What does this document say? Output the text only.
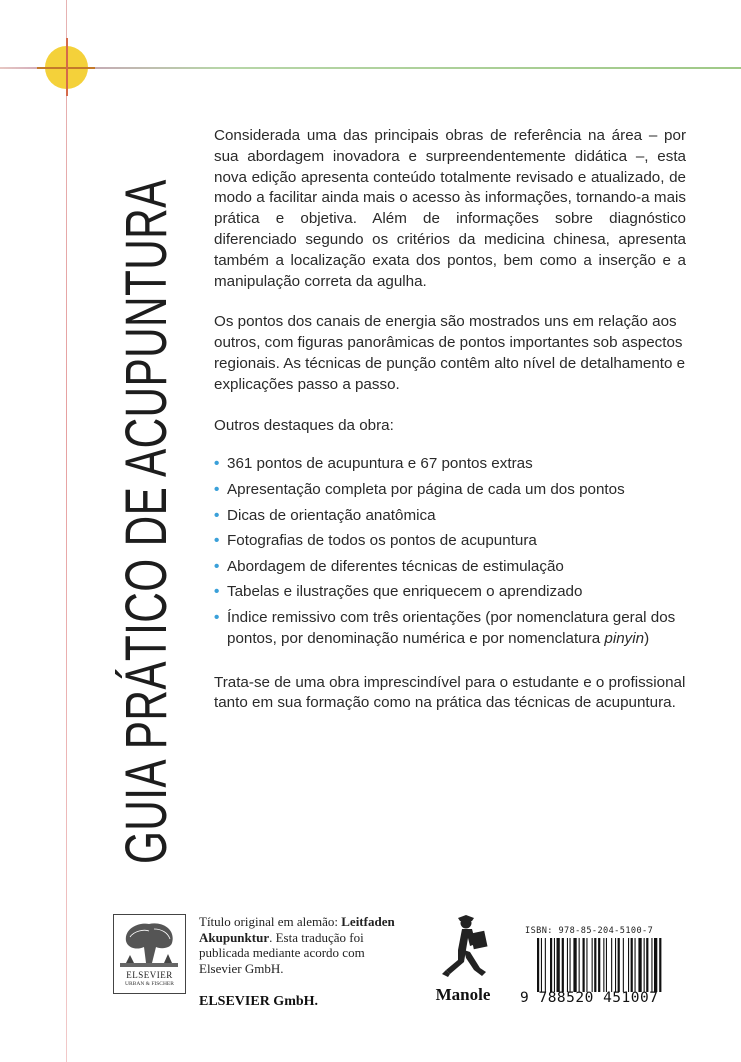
GUIA PRÁTICO DE ACUPUNTURA

Considerada uma das principais obras de referência na área – por sua abordagem inovadora e surpreendentemente didática –, esta nova edição apresenta conteúdo totalmente revisado e atualizado, de modo a facilitar ainda mais o acesso às informações, tornando-a mais prática e objetiva. Além de informações sobre diagnóstico diferenciado segundo os critérios da medicina chinesa, apresenta também a localização exata dos pontos, bem como a inserção e a manipulação correta da agulha.

Os pontos dos canais de energia são mostrados uns em relação aos outros, com figuras panorâmicas de pontos importantes sob aspectos regionais. As técnicas de punção contêm alto nível de detalhamento e explicações passo a passo.

Outros destaques da obra:

• 361 pontos de acupuntura e 67 pontos extras
• Apresentação completa por página de cada um dos pontos
• Dicas de orientação anatômica
• Fotografias de todos os pontos de acupuntura
• Abordagem de diferentes técnicas de estimulação
• Tabelas e ilustrações que enriquecem o aprendizado
• Índice remissivo com três orientações (por nomenclatura geral dos pontos, por denominação numérica e por nomenclatura pinyin)

Trata-se de uma obra imprescindível para o estudante e o profissional tanto em sua formação como na prática das técnicas de acupuntura.

ELSEVIER
URBAN & FISCHER
Título original em alemão: Leitfaden Akupunktur. Esta tradução foi publicada mediante acordo com Elsevier GmbH.
ELSEVIER GmbH.	Manole
ISBN: 978-85-204-5100-7
9 788520 451007
